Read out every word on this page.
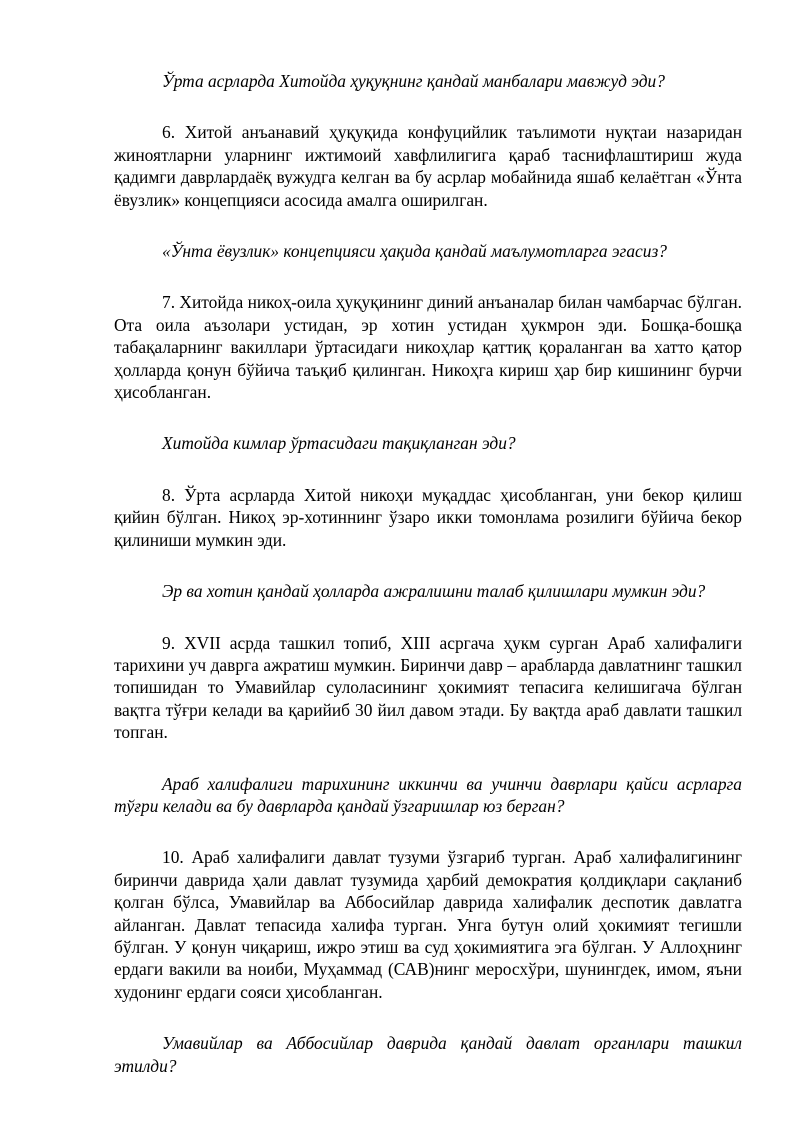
Ўрта асрларда Хитойда ҳуқуқнинг қандай манбалари мавжуд эди?

6. Хитой анъанавий ҳуқуқида конфуцийлик таълимоти нуқтаи назаридан жиноятларни уларнинг ижтимоий хавфлилигига қараб таснифлаштириш жуда қадимги даврлардаёқ вужудга келган ва бу асрлар мобайнида яшаб келаётган «Ўнта ёвузлик» концепцияси асосида амалга оширилган.

«Ўнта ёвузлик» концепцияси ҳақида қандай маълумотларга эгасиз?

7. Хитойда никоҳ-оила ҳуқуқининг диний анъаналар билан чамбарчас бўлган. Ота оила аъзолари устидан, эр хотин устидан ҳукмрон эди. Бошқа-бошқа табақаларнинг вакиллари ўртасидаги никоҳлар қаттиқ қораланган ва хатто қатор ҳолларда қонун бўйича таъқиб қилинган. Никоҳга кириш ҳар бир кишининг бурчи ҳисобланган.

Хитойда кимлар ўртасидаги тақиқланган эди?

8. Ўрта асрларда Хитой никоҳи муқаддас ҳисобланган, уни бекор қилиш қийин бўлган. Никоҳ эр-хотиннинг ўзаро икки томонлама розилиги бўйича бекор қилиниши мумкин эди.

Эр ва хотин қандай ҳолларда ажралишни талаб қилишлари мумкин эди?

9. XVII асрда ташкил топиб, XIII асргача ҳукм сурган Араб халифалиги тарихини уч даврга ажратиш мумкин. Биринчи давр – арабларда давлатнинг ташкил топишидан то Умавийлар сулоласининг ҳокимият тепасига келишигача бўлган вақтга тўғри келади ва қарийиб 30 йил давом этади. Бу вақтда араб давлати ташкил топган.

Араб халифалиги тарихининг иккинчи ва учинчи даврлари қайси асрларга тўғри келади ва бу даврларда қандай ўзгаришлар юз берган?

10. Араб халифалиги давлат тузуми ўзгариб турган. Араб халифалигининг биринчи даврида ҳали давлат тузумида ҳарбий демократия қолдиқлари сақланиб қолган бўлса, Умавийлар ва Аббосийлар даврида халифалик деспотик давлатга айланган. Давлат тепасида халифа турган. Унга бутун олий ҳокимият тегишли бўлган. У қонун чиқариш, ижро этиш ва суд ҳокимиятига эга бўлган. У Аллоҳнинг ердаги вакили ва ноиби, Муҳаммад (САВ)нинг меросхўри, шунингдек, имом, яъни худонинг ердаги сояси ҳисобланган.

Умавийлар ва Аббосийлар даврида қандай давлат органлари ташкил этилди?
